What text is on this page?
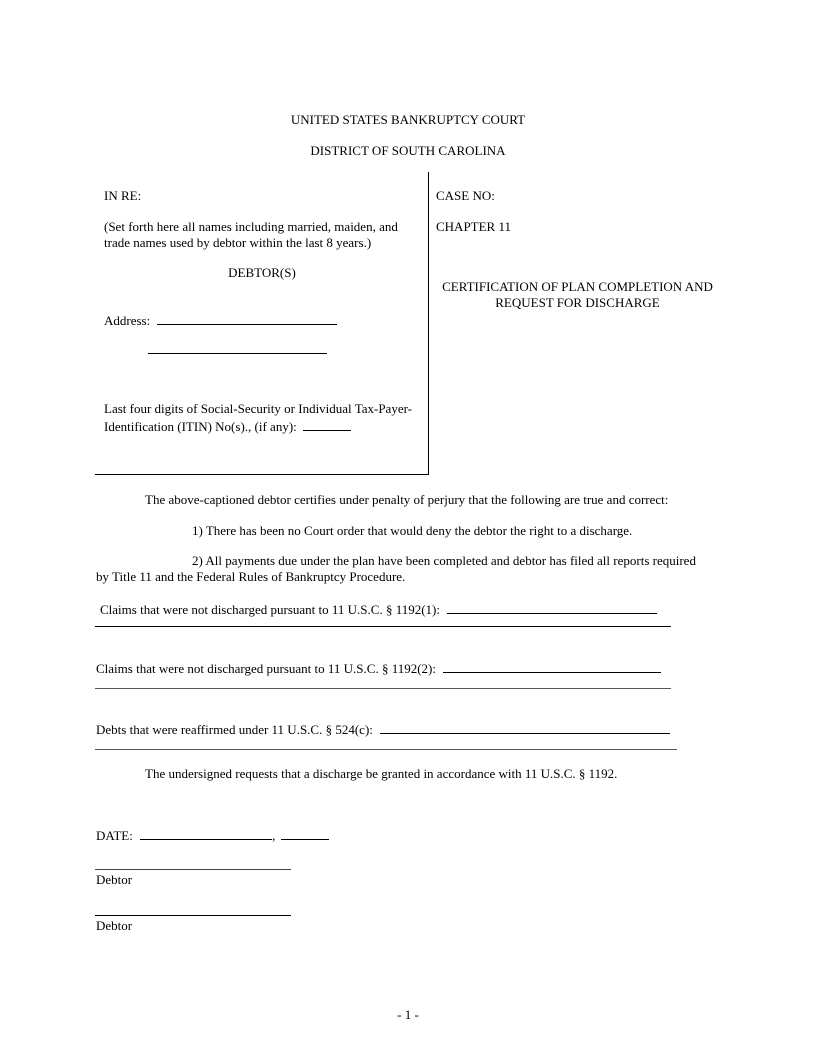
UNITED STATES BANKRUPTCY COURT
DISTRICT OF SOUTH CAROLINA
IN RE:
(Set forth here all names including married, maiden, and
trade names used by debtor within the last 8 years.)
DEBTOR(S)
Address:
Last four digits of Social-Security or Individual Tax-Payer-
Identification (ITIN) No(s)., (if any):
CASE NO:
CHAPTER 11
CERTIFICATION OF PLAN COMPLETION AND
REQUEST FOR DISCHARGE
The above-captioned debtor certifies under penalty of perjury that the following are true and correct:
1) There has been no Court order that would deny the debtor the right to a discharge.
2) All payments due under the plan have been completed and debtor has filed all reports required
by Title 11 and the Federal Rules of Bankruptcy Procedure.
Claims that were not discharged pursuant to 11 U.S.C. § 1192(1):
Claims that were not discharged pursuant to 11 U.S.C. § 1192(2):
Debts that were reaffirmed under 11 U.S.C. § 524(c):
The undersigned requests that a discharge be granted in accordance with 11 U.S.C. § 1192.
DATE:	,
Debtor
Debtor
- 1 -
